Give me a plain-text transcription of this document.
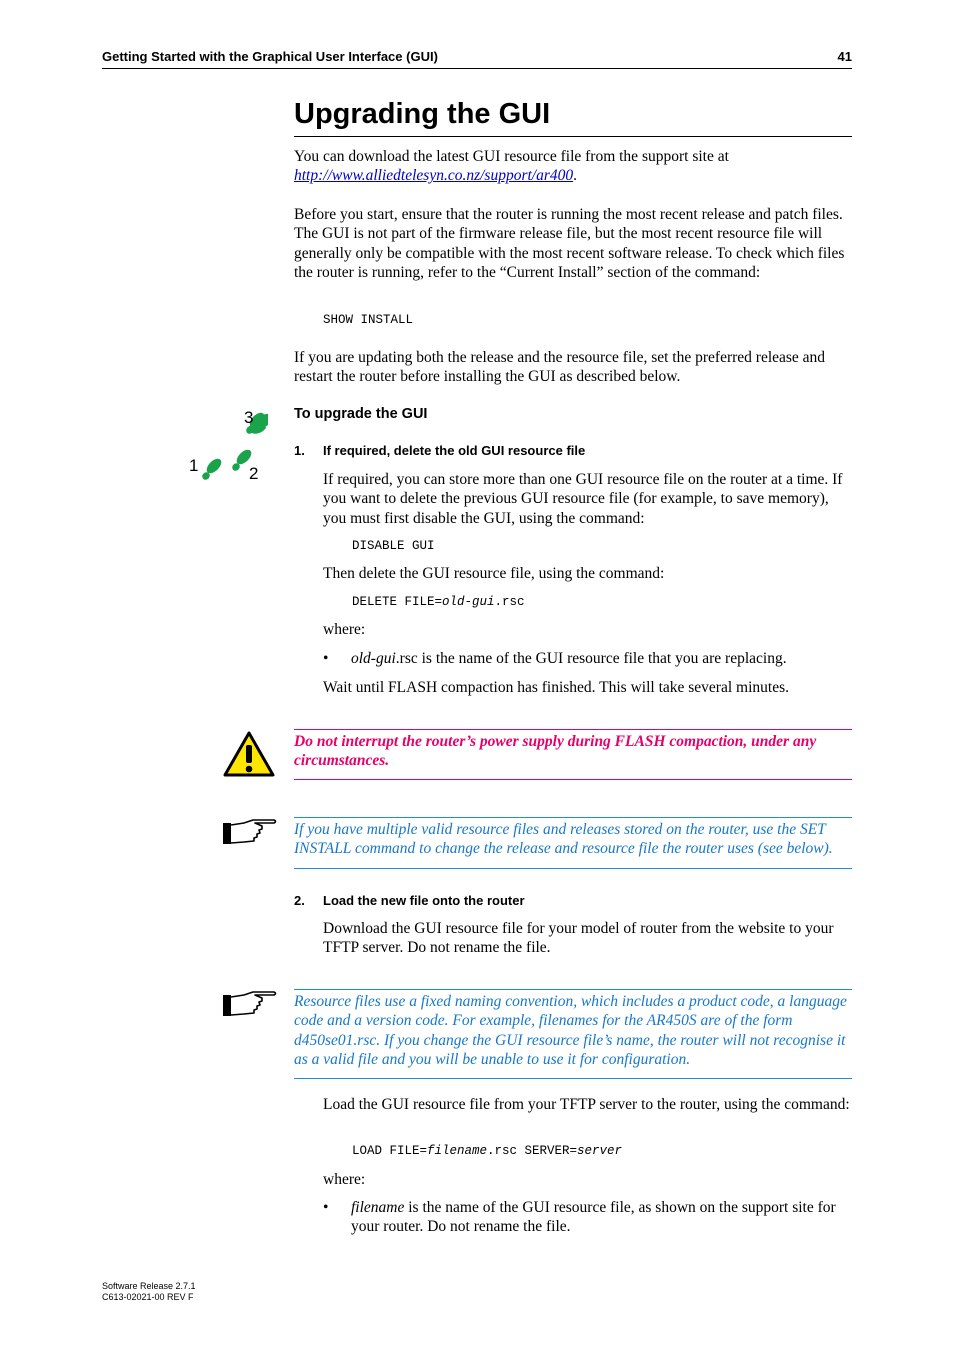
Getting Started with the Graphical User Interface (GUI)	41
Upgrading the GUI
You can download the latest GUI resource file from the support site at
http://www.alliedtelesyn.co.nz/support/ar400.
Before you start, ensure that the router is running the most recent release and patch files. The GUI is not part of the firmware release file, but the most recent resource file will generally only be compatible with the most recent software release. To check which files the router is running, refer to the “Current Install” section of the command:
SHOW INSTALL
If you are updating both the release and the resource file, set the preferred release and restart the router before installing the GUI as described below.
3
1	2
To upgrade the GUI
1. If required, delete the old GUI resource file
If required, you can store more than one GUI resource file on the router at a time. If you want to delete the previous GUI resource file (for example, to save memory), you must first disable the GUI, using the command:
DISABLE GUI
Then delete the GUI resource file, using the command:
DELETE FILE=old-gui.rsc
where:
• old-gui.rsc is the name of the GUI resource file that you are replacing.
Wait until FLASH compaction has finished. This will take several minutes.
Do not interrupt the router’s power supply during FLASH compaction, under any circumstances.
If you have multiple valid resource files and releases stored on the router, use the SET INSTALL command to change the release and resource file the router uses (see below).
2. Load the new file onto the router
Download the GUI resource file for your model of router from the website to your TFTP server. Do not rename the file.
Resource files use a fixed naming convention, which includes a product code, a language code and a version code. For example, filenames for the AR450S are of the form d450se01.rsc. If you change the GUI resource file’s name, the router will not recognise it as a valid file and you will be unable to use it for configuration.
Load the GUI resource file from your TFTP server to the router, using the command:
LOAD FILE=filename.rsc SERVER=server
where:
• filename is the name of the GUI resource file, as shown on the support site for your router. Do not rename the file.
Software Release 2.7.1
C613-02021-00 REV F
